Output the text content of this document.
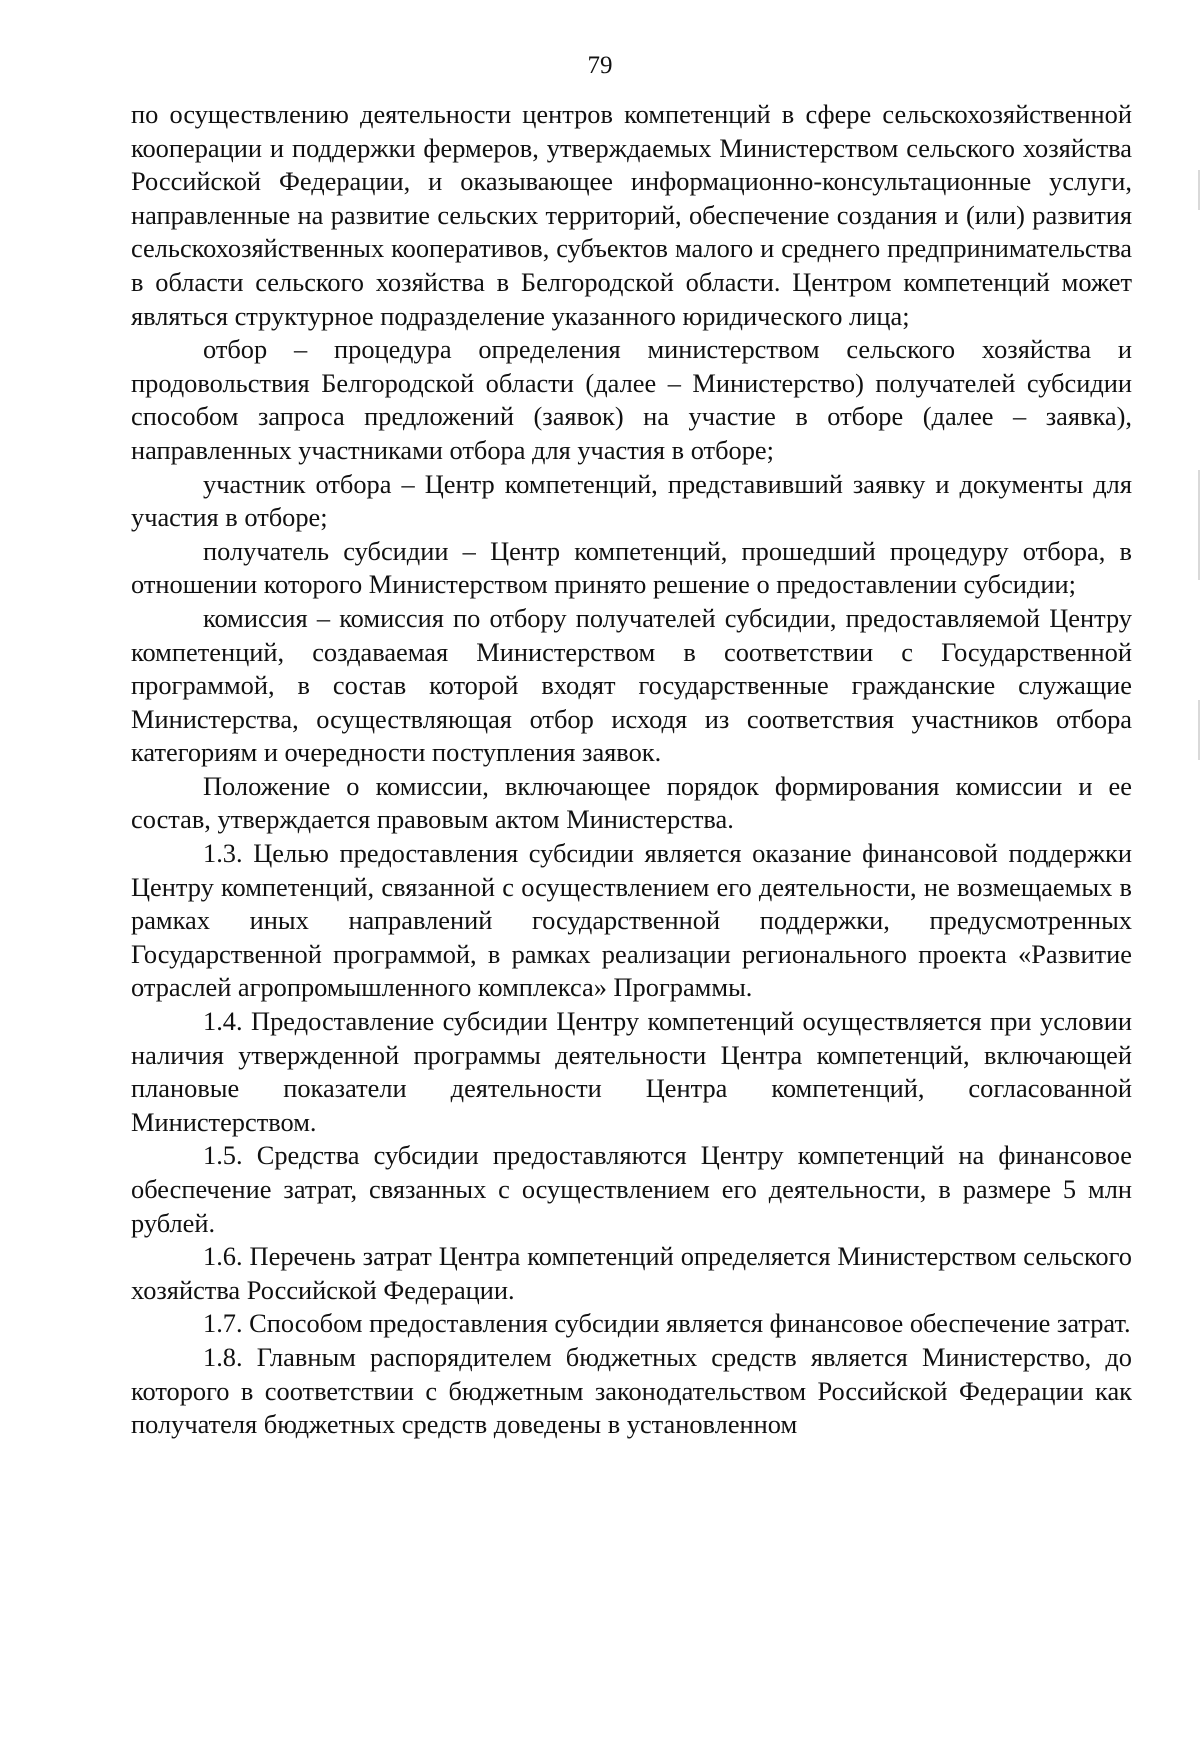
79

по осуществлению деятельности центров компетенций в сфере сельскохозяйственной кооперации и поддержки фермеров, утверждаемых Министерством сельского хозяйства Российской Федерации, и оказывающее информационно-консультационные услуги, направленные на развитие сельских территорий, обеспечение создания и (или) развития сельскохозяйственных кооперативов, субъектов малого и среднего предпринимательства в области сельского хозяйства в Белгородской области. Центром компетенций может являться структурное подразделение указанного юридического лица;

отбор – процедура определения министерством сельского хозяйства и продовольствия Белгородской области (далее – Министерство) получателей субсидии способом запроса предложений (заявок) на участие в отборе (далее – заявка), направленных участниками отбора для участия в отборе;

участник отбора – Центр компетенций, представивший заявку и документы для участия в отборе;

получатель субсидии – Центр компетенций, прошедший процедуру отбора, в отношении которого Министерством принято решение о предоставлении субсидии;

комиссия – комиссия по отбору получателей субсидии, предоставляемой Центру компетенций, создаваемая Министерством в соответствии с Государственной программой, в состав которой входят государственные гражданские служащие Министерства, осуществляющая отбор исходя из соответствия участников отбора категориям и очередности поступления заявок.

Положение о комиссии, включающее порядок формирования комиссии и ее состав, утверждается правовым актом Министерства.

1.3. Целью предоставления субсидии является оказание финансовой поддержки Центру компетенций, связанной с осуществлением его деятельности, не возмещаемых в рамках иных направлений государственной поддержки, предусмотренных Государственной программой, в рамках реализации регионального проекта «Развитие отраслей агропромышленного комплекса» Программы.

1.4. Предоставление субсидии Центру компетенций осуществляется при условии наличия утвержденной программы деятельности Центра компетенций, включающей плановые показатели деятельности Центра компетенций, согласованной Министерством.

1.5. Средства субсидии предоставляются Центру компетенций на финансовое обеспечение затрат, связанных с осуществлением его деятельности, в размере 5 млн рублей.

1.6. Перечень затрат Центра компетенций определяется Министерством сельского хозяйства Российской Федерации.

1.7. Способом предоставления субсидии является финансовое обеспечение затрат.

1.8. Главным распорядителем бюджетных средств является Министерство, до которого в соответствии с бюджетным законодательством Российской Федерации как получателя бюджетных средств доведены в установленном
